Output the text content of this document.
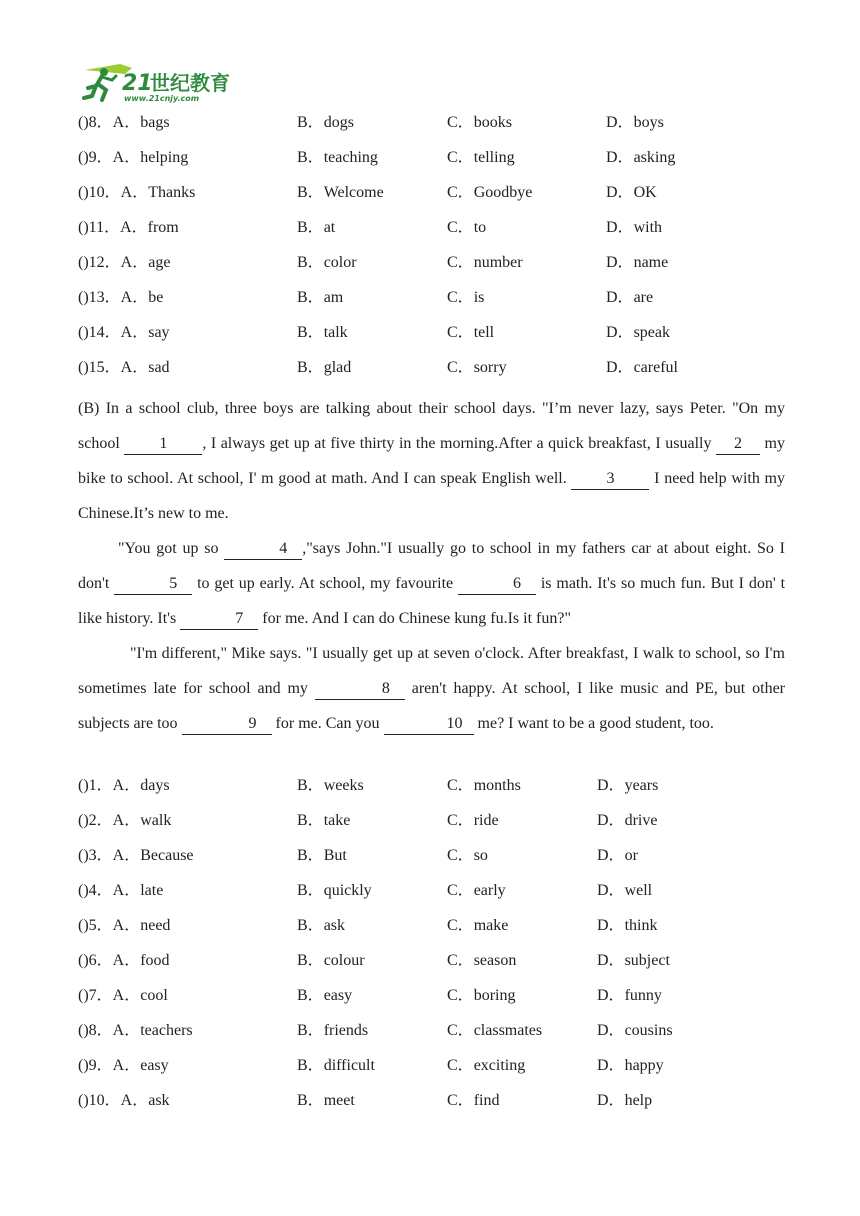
21
世纪教育
www.21cnjy.com
(
)8．A．bags	B．dogs	C．books	D．boys
(
)9．A．helping	B．teaching	C．telling	D．asking
(
)10．A．Thanks	B．Welcome	C．Goodbye	D．OK
(
)11．A．from	B．at	C．to	D．with
(
)12．A．age	B．color	C．number	D．name
(
)13．A．be	B．am	C．is	D．are
(
)14．A．say	B．talk	C．tell	D．speak
(
)15．A．sad	B．glad	C．sorry	D．careful

(B) In a school club, three boys are talking about their school days. "I’m never lazy, says Peter. "On my school 1 , I always get up at five thirty in the morning.After a quick breakfast, I usually 2 my bike to school. At school, I' m good at math. And I can speak English well. 3 I need help with my Chinese.It’s new to me.

"You got up so	4 ,"says John."I usually go to school in my fathers car at about eight. So I don't	5 to get up early. At school, my favourite	6 is math. It's so much fun. But I don' t like history. It's	7 for me. And I can do Chinese kung fu.Is it fun?"

"I'm different," Mike says. "I usually get up at seven o'clock. After breakfast, I walk to school, so I'm sometimes late for school and my	8 aren't happy. At school, I like music and PE, but other subjects are too	9 for me. Can you	10 me? I want to be a good student, too.

(
)1．A．days	B．weeks	C．months	D．years
(
)2．A．walk	B．take	C．ride	D．drive
(
)3．A．Because	B．But	C．so	D．or
(
)4．A．late	B．quickly	C．early	D．well
(
)5．A．need	B．ask	C．make	D．think
(
)6．A．food	B．colour	C．season	D．subject
(
)7．A．cool	B．easy	C．boring	D．funny
(
)8．A．teachers	B．friends	C．classmates	D．cousins
(
)9．A．easy	B．difficult	C．exciting	D．happy
(
)10．A．ask	B．meet	C．find	D．help
